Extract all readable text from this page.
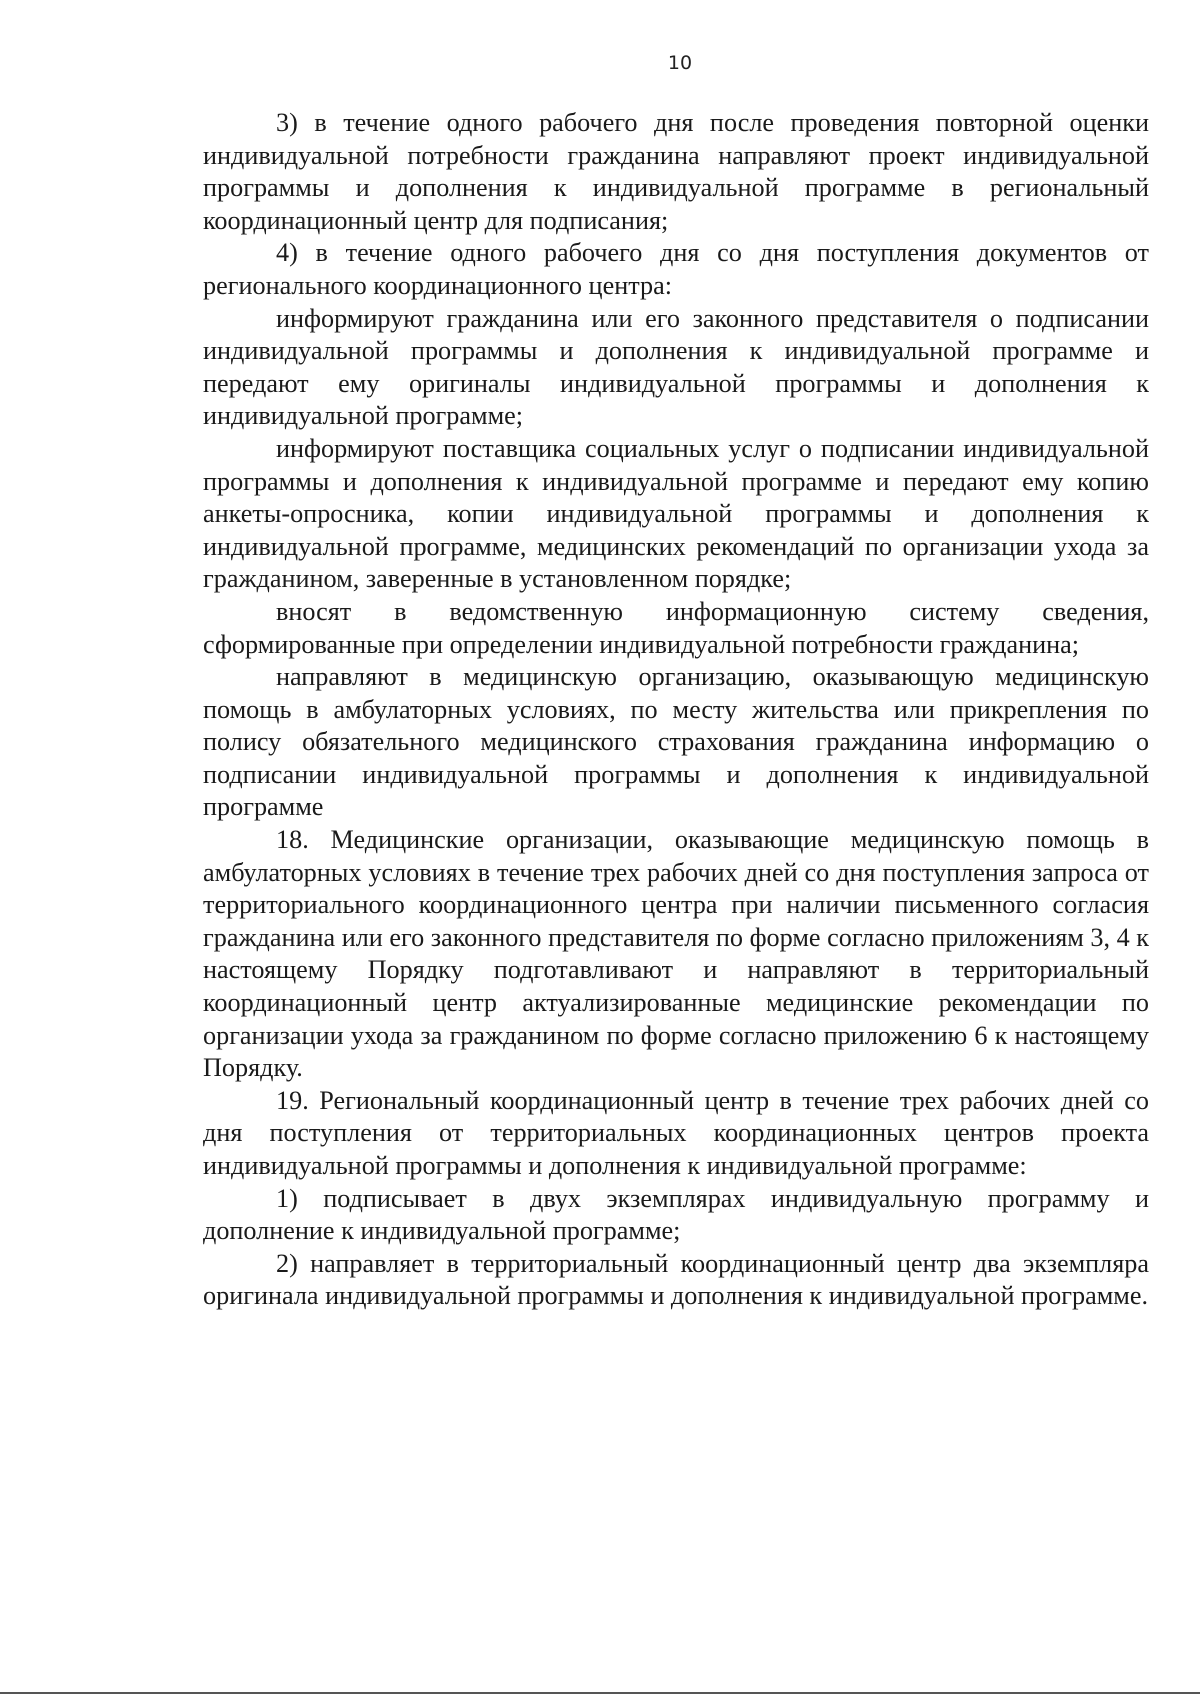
10

3) в течение одного рабочего дня после проведения повторной оценки индивидуальной потребности гражданина направляют проект индивидуальной программы и дополнения к индивидуальной программе в региональный координационный центр для подписания;

4) в течение одного рабочего дня со дня поступления документов от регионального координационного центра:

информируют гражданина или его законного представителя о подписании индивидуальной программы и дополнения к индивидуальной программе и передают ему оригиналы индивидуальной программы и дополнения к индивидуальной программе;

информируют поставщика социальных услуг о подписании индивидуальной программы и дополнения к индивидуальной программе и передают ему копию анкеты-опросника, копии индивидуальной программы и дополнения к индивидуальной программе, медицинских рекомендаций по организации ухода за гражданином, заверенные в установленном порядке;

вносят в ведомственную информационную систему сведения, сформированные при определении индивидуальной потребности гражданина;

направляют в медицинскую организацию, оказывающую медицинскую помощь в амбулаторных условиях, по месту жительства или прикрепления по полису обязательного медицинского страхования гражданина информацию о подписании индивидуальной программы и дополнения к индивидуальной программе

18. Медицинские организации, оказывающие медицинскую помощь в амбулаторных условиях в течение трех рабочих дней со дня поступления запроса от территориального координационного центра при наличии письменного согласия гражданина или его законного представителя по форме согласно приложениям 3, 4 к настоящему Порядку подготавливают и направляют в территориальный координационный центр актуализированные медицинские рекомендации по организации ухода за гражданином по форме согласно приложению 6 к настоящему Порядку.

19. Региональный координационный центр в течение трех рабочих дней со дня поступления от территориальных координационных центров проекта индивидуальной программы и дополнения к индивидуальной программе:

1) подписывает в двух экземплярах индивидуальную программу и дополнение к индивидуальной программе;

2) направляет в территориальный координационный центр два экземпляра оригинала индивидуальной программы и дополнения к индивидуальной программе.
